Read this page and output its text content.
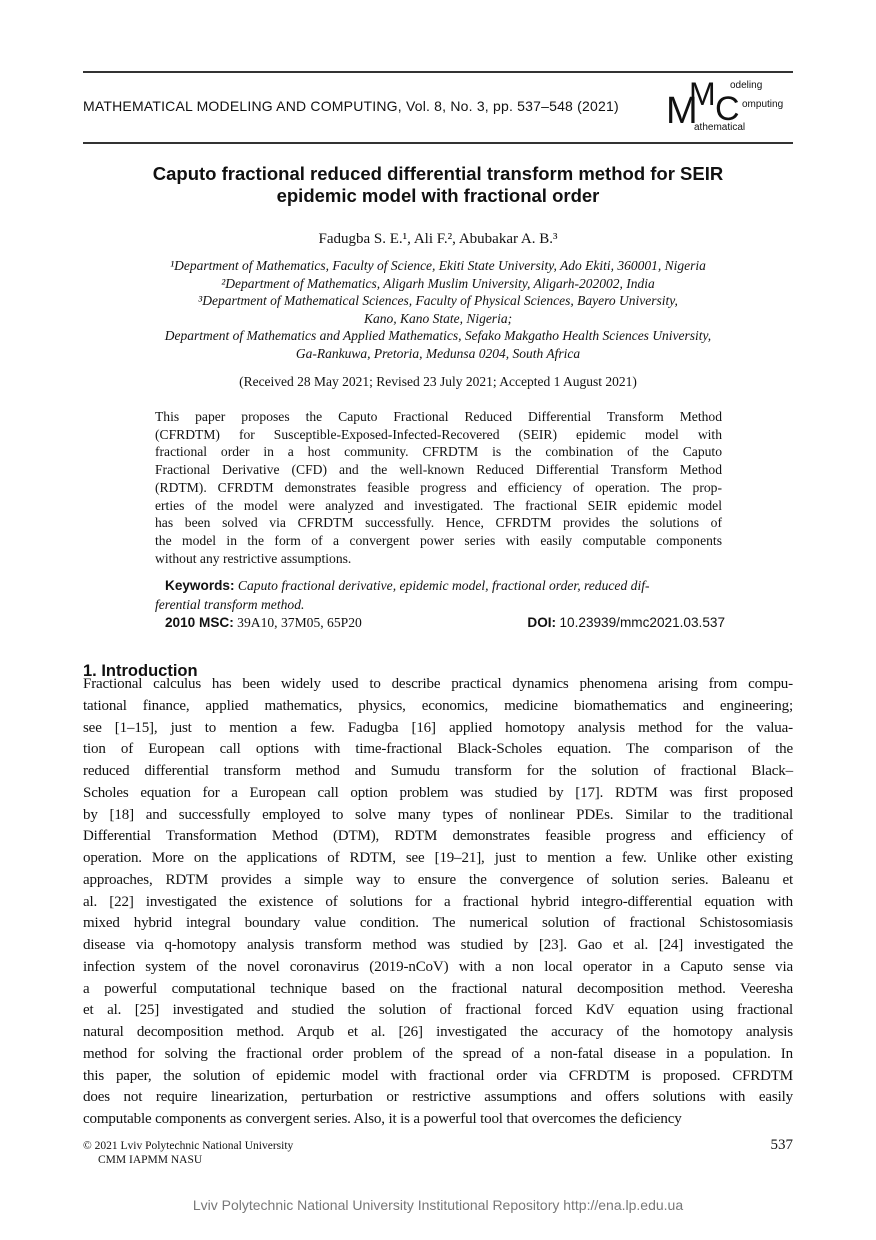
MATHEMATICAL MODELING AND COMPUTING, Vol. 8, No. 3, pp. 537–548 (2021) M
M C
odeling
omputing
athematical
Caputo fractional reduced differential transform method for SEIR
epidemic model with fractional order
Fadugba S. E.¹, Ali F.², Abubakar A. B.³
¹Department of Mathematics, Faculty of Science, Ekiti State University, Ado Ekiti, 360001, Nigeria
²Department of Mathematics, Aligarh Muslim University, Aligarh-202002, India
³Department of Mathematical Sciences, Faculty of Physical Sciences, Bayero University,
Kano, Kano State, Nigeria;
Department of Mathematics and Applied Mathematics, Sefako Makgatho Health Sciences University,
Ga-Rankuwa, Pretoria, Medunsa 0204, South Africa
(Received 28 May 2021; Revised 23 July 2021; Accepted 1 August 2021)
This paper proposes the Caputo Fractional Reduced Differential Transform Method
(CFRDTM) for Susceptible-Exposed-Infected-Recovered (SEIR) epidemic model with
fractional order in a host community. CFRDTM is the combination of the Caputo
Fractional Derivative (CFD) and the well-known Reduced Differential Transform Method
(RDTM). CFRDTM demonstrates feasible progress and efficiency of operation. The prop-
erties of the model were analyzed and investigated. The fractional SEIR epidemic model
has been solved via CFRDTM successfully. Hence, CFRDTM provides the solutions of
the model in the form of a convergent power series with easily computable components
without any restrictive assumptions.
Keywords: Caputo fractional derivative, epidemic model, fractional order, reduced dif-
ferential transform method.
2010 MSC: 39A10, 37M05, 65P20	DOI: 10.23939/mmc2021.03.537
1. Introduction
Fractional calculus has been widely used to describe practical dynamics phenomena arising from compu-
tational finance, applied mathematics, physics, economics, medicine biomathematics and engineering;
see [1–15], just to mention a few. Fadugba [16] applied homotopy analysis method for the valua-
tion of European call options with time-fractional Black-Scholes equation. The comparison of the
reduced differential transform method and Sumudu transform for the solution of fractional Black–
Scholes equation for a European call option problem was studied by [17]. RDTM was first proposed
by [18] and successfully employed to solve many types of nonlinear PDEs. Similar to the traditional
Differential Transformation Method (DTM), RDTM demonstrates feasible progress and efficiency of
operation. More on the applications of RDTM, see [19–21], just to mention a few. Unlike other existing
approaches, RDTM provides a simple way to ensure the convergence of solution series. Baleanu et
al. [22] investigated the existence of solutions for a fractional hybrid integro-differential equation with
mixed hybrid integral boundary value condition. The numerical solution of fractional Schistosomiasis
disease via q-homotopy analysis transform method was studied by [23]. Gao et al. [24] investigated the
infection system of the novel coronavirus (2019-nCoV) with a non local operator in a Caputo sense via
a powerful computational technique based on the fractional natural decomposition method. Veeresha
et al. [25] investigated and studied the solution of fractional forced KdV equation using fractional
natural decomposition method. Arqub et al. [26] investigated the accuracy of the homotopy analysis
method for solving the fractional order problem of the spread of a non-fatal disease in a population. In
this paper, the solution of epidemic model with fractional order via CFRDTM is proposed. CFRDTM
does not require linearization, perturbation or restrictive assumptions and offers solutions with easily
computable components as convergent series. Also, it is a powerful tool that overcomes the deficiency
© 2021 Lviv Polytechnic National University
CMM IAPMM NASU
537
Lviv Polytechnic National University Institutional Repository http://ena.lp.edu.ua
